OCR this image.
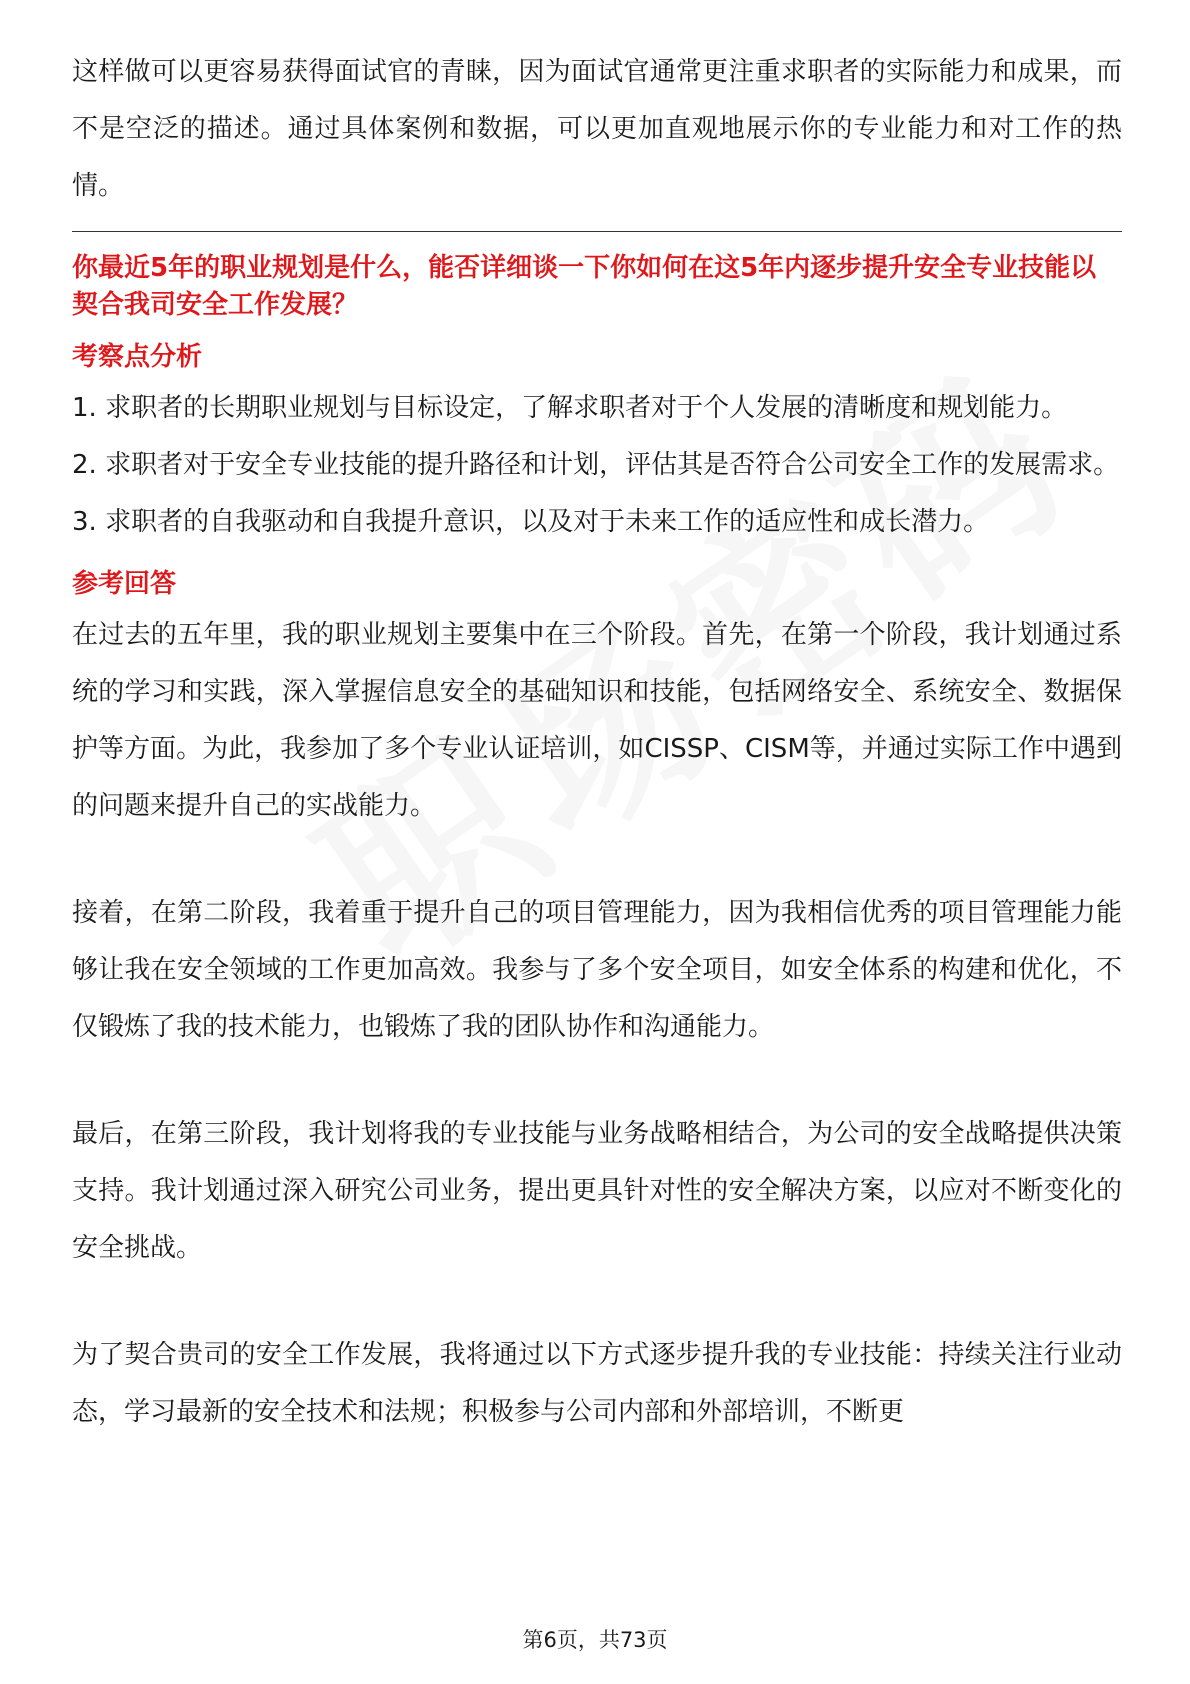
这样做可以更容易获得面试官的青睐，因为面试官通常更注重求职者的实际能力和成果，而不是空泛的描述。通过具体案例和数据，可以更加直观地展示你的专业能力和对工作的热情。

你最近5年的职业规划是什么，能否详细谈一下你如何在这5年内逐步提升安全专业技能以契合我司安全工作发展？

考察点分析
1. 求职者的长期职业规划与目标设定，了解求职者对于个人发展的清晰度和规划能力。
2. 求职者对于安全专业技能的提升路径和计划，评估其是否符合公司安全工作的发展需求。
3. 求职者的自我驱动和自我提升意识，以及对于未来工作的适应性和成长潜力。
参考回答

在过去的五年里，我的职业规划主要集中在三个阶段。首先，在第一个阶段，我计划通过系统的学习和实践，深入掌握信息安全的基础知识和技能，包括网络安全、系统安全、数据保护等方面。为此，我参加了多个专业认证培训，如CISSP、CISM等，并通过实际工作中遇到的问题来提升自己的实战能力。

接着，在第二阶段，我着重于提升自己的项目管理能力，因为我相信优秀的项目管理能力能够让我在安全领域的工作更加高效。我参与了多个安全项目，如安全体系的构建和优化，不仅锻炼了我的技术能力，也锻炼了我的团队协作和沟通能力。

最后，在第三阶段，我计划将我的专业技能与业务战略相结合，为公司的安全战略提供决策支持。我计划通过深入研究公司业务，提出更具针对性的安全解决方案，以应对不断变化的安全挑战。

为了契合贵司的安全工作发展，我将通过以下方式逐步提升我的专业技能：持续关注行业动态，学习最新的安全技术和法规；积极参与公司内部和外部培训，不断更

第6页，共73页
